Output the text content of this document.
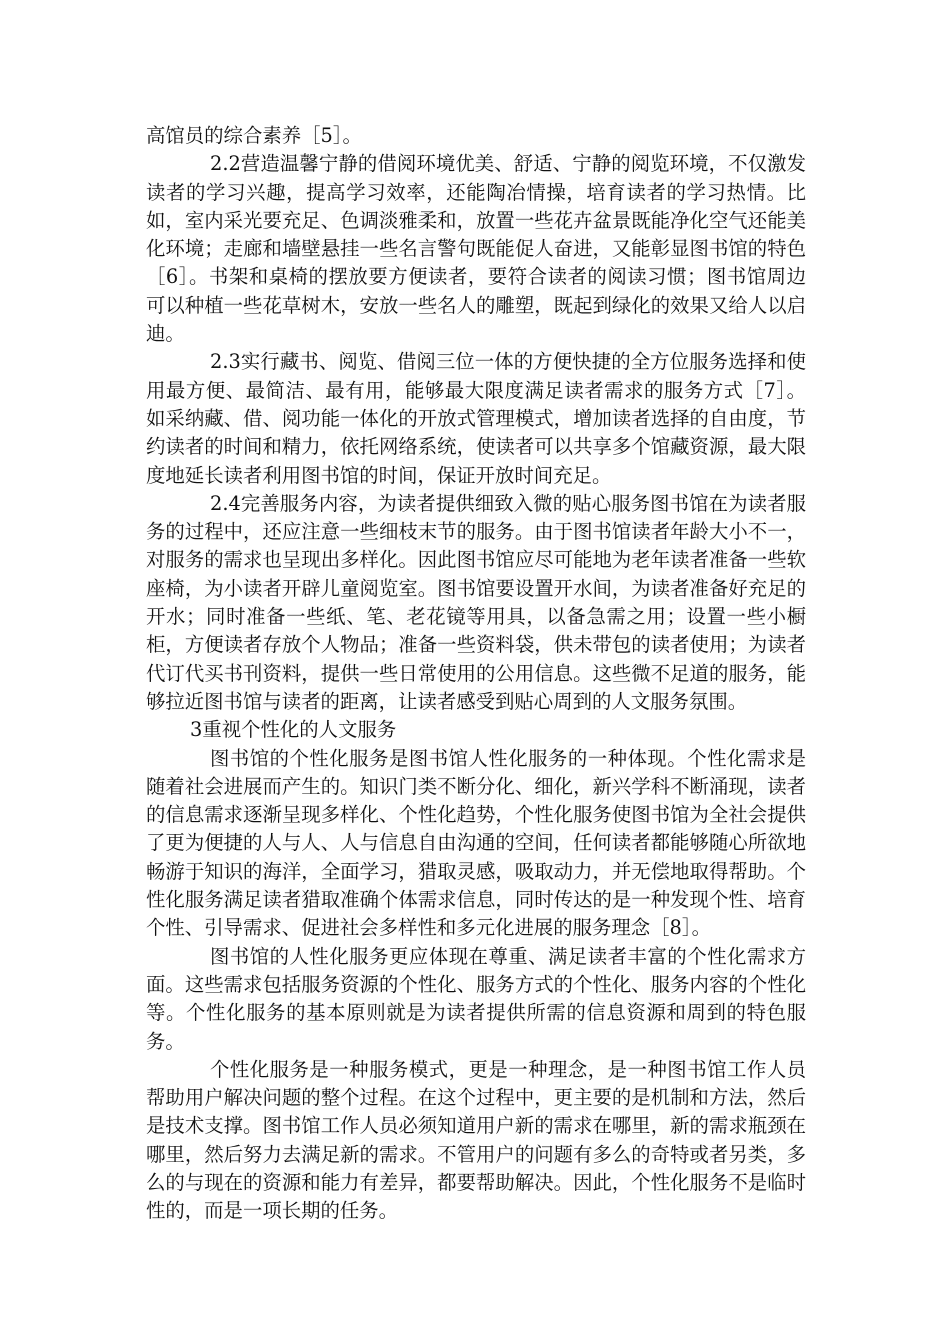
高馆员的综合素养［5］。

2.2营造温馨宁静的借阅环境优美、舒适、宁静的阅览环境，不仅激发读者的学习兴趣，提高学习效率，还能陶冶情操，培育读者的学习热情。比如，室内采光要充足、色调淡雅柔和，放置一些花卉盆景既能净化空气还能美化环境；走廊和墙壁悬挂一些名言警句既能促人奋进，又能彰显图书馆的特色［6］。书架和桌椅的摆放要方便读者，要符合读者的阅读习惯；图书馆周边可以种植一些花草树木，安放一些名人的雕塑，既起到绿化的效果又给人以启迪。

2.3实行藏书、阅览、借阅三位一体的方便快捷的全方位服务选择和使用最方便、最简洁、最有用，能够最大限度满足读者需求的服务方式［7］。如采纳藏、借、阅功能一体化的开放式管理模式，增加读者选择的自由度，节约读者的时间和精力，依托网络系统，使读者可以共享多个馆藏资源，最大限度地延长读者利用图书馆的时间，保证开放时间充足。

2.4完善服务内容，为读者提供细致入微的贴心服务图书馆在为读者服务的过程中，还应注意一些细枝末节的服务。由于图书馆读者年龄大小不一，对服务的需求也呈现出多样化。因此图书馆应尽可能地为老年读者准备一些软座椅，为小读者开辟儿童阅览室。图书馆要设置开水间，为读者准备好充足的开水；同时准备一些纸、笔、老花镜等用具，以备急需之用；设置一些小橱柜，方便读者存放个人物品；准备一些资料袋，供未带包的读者使用；为读者代订代买书刊资料，提供一些日常使用的公用信息。这些微不足道的服务，能够拉近图书馆与读者的距离，让读者感受到贴心周到的人文服务氛围。

3重视个性化的人文服务

图书馆的个性化服务是图书馆人性化服务的一种体现。个性化需求是随着社会进展而产生的。知识门类不断分化、细化，新兴学科不断涌现，读者的信息需求逐渐呈现多样化、个性化趋势，个性化服务使图书馆为全社会提供了更为便捷的人与人、人与信息自由沟通的空间，任何读者都能够随心所欲地畅游于知识的海洋，全面学习，猎取灵感，吸取动力，并无偿地取得帮助。个性化服务满足读者猎取准确个体需求信息，同时传达的是一种发现个性、培育个性、引导需求、促进社会多样性和多元化进展的服务理念［8］。

图书馆的人性化服务更应体现在尊重、满足读者丰富的个性化需求方面。这些需求包括服务资源的个性化、服务方式的个性化、服务内容的个性化等。个性化服务的基本原则就是为读者提供所需的信息资源和周到的特色服务。

个性化服务是一种服务模式，更是一种理念，是一种图书馆工作人员帮助用户解决问题的整个过程。在这个过程中，更主要的是机制和方法，然后是技术支撑。图书馆工作人员必须知道用户新的需求在哪里，新的需求瓶颈在哪里，然后努力去满足新的需求。不管用户的问题有多么的奇特或者另类，多么的与现在的资源和能力有差异，都要帮助解决。因此，个性化服务不是临时性的，而是一项长期的任务。
